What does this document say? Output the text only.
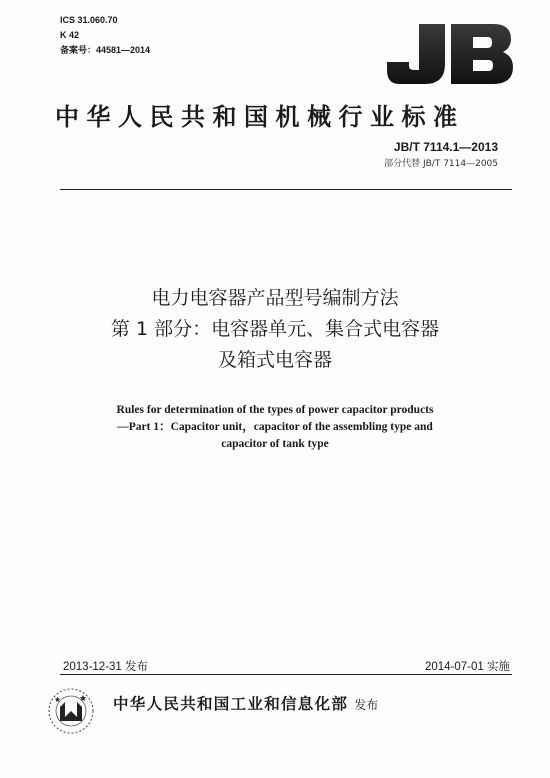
ICS 31.060.70
K 42
备案号：44581—2014
中华人民共和国机械行业标准
JB/T 7114.1—2013
部分代替 JB/T 7114—2005
电力电容器产品型号编制方法
第 1 部分：电容器单元、集合式电容器
及箱式电容器
Rules for determination of the types of power capacitor products
—Part 1：Capacitor unit，capacitor of the assembling type and
capacitor of tank type
2013-12-31 发布	2014-07-01 实施
中华人民共和国工业和信息化部 发布
